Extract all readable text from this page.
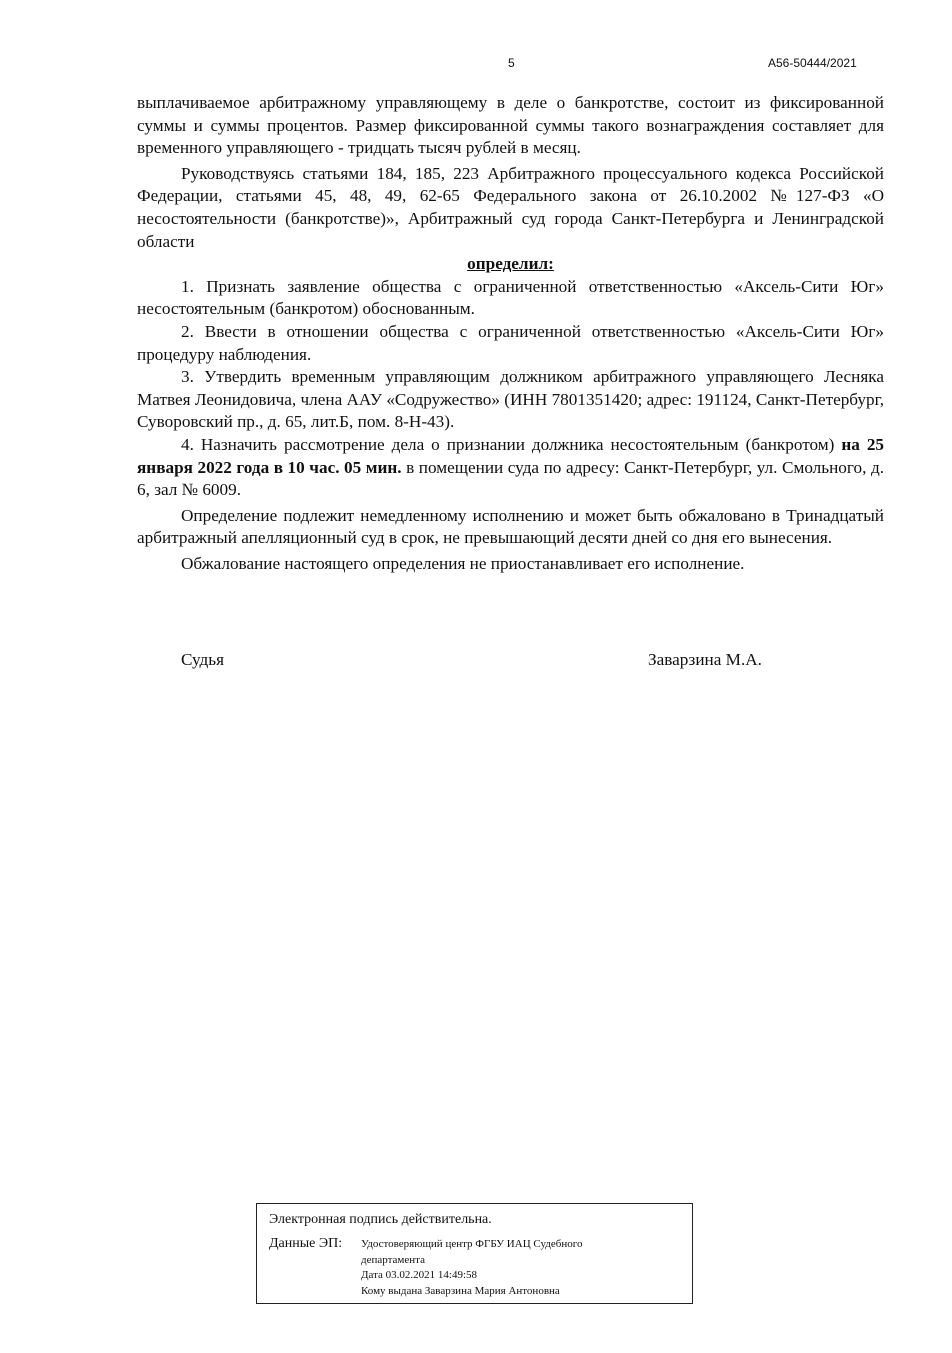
5	А56-50444/2021

выплачиваемое арбитражному управляющему в деле о банкротстве, состоит из фиксированной суммы и суммы процентов. Размер фиксированной суммы такого вознаграждения составляет для временного управляющего - тридцать тысяч рублей в месяц.

Руководствуясь статьями 184, 185, 223 Арбитражного процессуального кодекса Российской Федерации, статьями 45, 48, 49, 62-65 Федерального закона от 26.10.2002 №127-ФЗ «О несостоятельности (банкротстве)», Арбитражный суд города Санкт-Петербурга и Ленинградской области

определил:

1. Признать заявление общества с ограниченной ответственностью «Аксель-Сити Юг» несостоятельным (банкротом) обоснованным.

2. Ввести в отношении общества с ограниченной ответственностью «Аксель-Сити Юг» процедуру наблюдения.

3. Утвердить временным управляющим должником арбитражного управляющего Лесняка Матвея Леонидовича, члена ААУ «Содружество» (ИНН 7801351420; адрес: 191124, Санкт-Петербург, Суворовский пр., д. 65, лит.Б, пом. 8-Н-43).

4. Назначить рассмотрение дела о признании должника несостоятельным (банкротом) на 25 января 2022 года в 10 час. 05 мин. в помещении суда по адресу: Санкт-Петербург, ул. Смольного, д. 6, зал № 6009.

Определение подлежит немедленному исполнению и может быть обжаловано в Тринадцатый арбитражный апелляционный суд в срок, не превышающий десяти дней со дня его вынесения.

Обжалование настоящего определения не приостанавливает его исполнение.

Судья	Заварзина М.А.
Электронная подпись действительна.
Данные ЭП: Удостоверяющий центр ФГБУ ИАЦ Судебного
департамента
Дата 03.02.2021 14:49:58
Кому выдана Заварзина Мария Антоновна
